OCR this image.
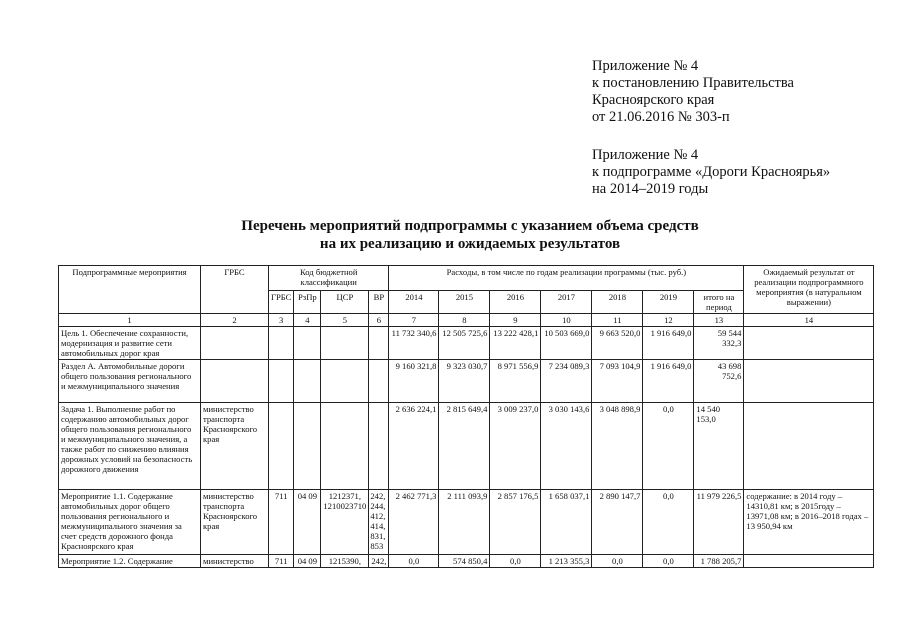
Приложение № 4
к постановлению Правительства
Красноярского края
от 21.06.2016 № 303-п
Приложение № 4
к подпрограмме «Дороги Красноярья»
на 2014–2019 годы
Перечень мероприятий подпрограммы с указанием объема средств
на их реализацию и ожидаемых результатов
Подпрограммные мероприятия	ГРБС	Код бюджетной классификации				Расходы, в том числе по годам реализации программы (тыс. руб.)							Ожидаемый результат от реализации подпрограммного мероприятия (в натуральном выражении)
		ГРБС	РзПр	ЦСР	ВР	2014	2015	2016	2017	2018	2019	итого на период	
1	2	3	4	5	6	7	8	9	10	11	12	13	14
Цель 1. Обеспечение сохранности, модернизация и развитие сети автомобильных дорог края						11 732 340,6	12 505 725,6	13 222 428,1	10 503 669,0	9 663 520,0	1 916 649,0	59 544 332,3	
Раздел А. Автомобильные дороги общего пользования регионального и межмуниципального значения						9 160 321,8	9 323 030,7	8 971 556,9	7 234 089,3	7 093 104,9	1 916 649,0	43 698 752,6	
Задача 1. Выполнение работ по содержанию автомобильных дорог общего пользования регионального и межмуниципального значения, а также работ по снижению влияния дорожных условий на безопасность дорожного движения	министерство транспорта Красноярского края					2 636 224,1	2 815 649,4	3 009 237,0	3 030 143,6	3 048 898,9	0,0	14 540 153,0	
Мероприятие 1.1. Содержание автомобильных дорог общего пользования регионального и межмуниципального значения за счет средств дорожного фонда Красноярского края	министерство транспорта Красноярского края	711	04 09	1212371, 1210023710	242, 244, 412, 414, 831, 853	2 462 771,3	2 111 093,9	2 857 176,5	1 658 037,1	2 890 147,7	0,0	11 979 226,5	содержание: в 2014 году – 14310,81 км; в 2015году – 13971,08 км; в 2016–2018 годах – 13 950,94 км
Мероприятие 1.2. Содержание	министерство	711	04 09	1215390,	242,	0,0	574 850,4	0,0	1 213 355,3	0,0	0,0	1 788 205,7	
